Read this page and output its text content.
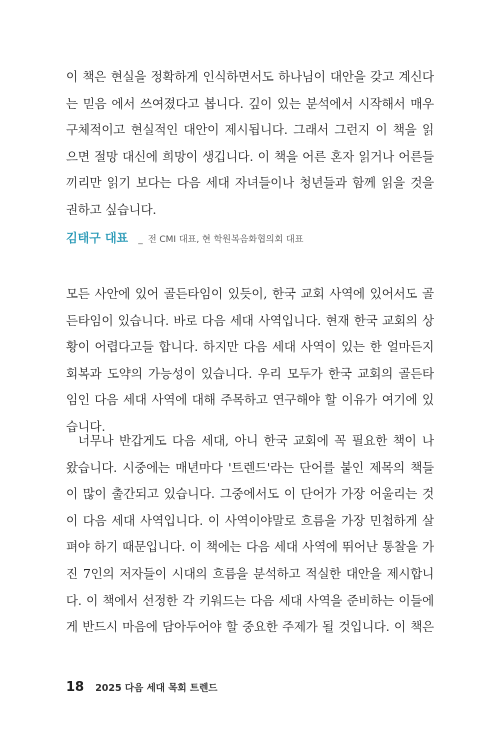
이 책은 현실을 정확하게 인식하면서도 하나님이 대안을 갖고 계신다
는 믿음 에서 쓰여졌다고 봅니다. 깊이 있는 분석에서 시작해서 매우
구체적이고 현실적인 대안이 제시됩니다. 그래서 그런지 이 책을 읽
으면 절망 대신에 희망이 생깁니다. 이 책을 어른 혼자 읽거나 어른들
끼리만 읽기 보다는 다음 세대 자녀들이나 청년들과 함께 읽을 것을
권하고 싶습니다.
김태구 대표 _ 전 CMI 대표, 현 학원복음화협의회 대표
모든 사안에 있어 골든타임이 있듯이, 한국 교회 사역에 있어서도 골
든타임이 있습니다. 바로 다음 세대 사역입니다. 현재 한국 교회의 상
황이 어렵다고들 합니다. 하지만 다음 세대 사역이 있는 한 얼마든지
회복과 도약의 가능성이 있습니다. 우리 모두가 한국 교회의 골든타
임인 다음 세대 사역에 대해 주목하고 연구해야 할 이유가 여기에 있
습니다.
너무나 반갑게도 다음 세대, 아니 한국 교회에 꼭 필요한 책이 나
왔습니다. 시중에는 매년마다 '트렌드'라는 단어를 붙인 제목의 책들
이 많이 출간되고 있습니다. 그중에서도 이 단어가 가장 어울리는 것
이 다음 세대 사역입니다. 이 사역이야말로 흐름을 가장 민첩하게 살
펴야 하기 때문입니다. 이 책에는 다음 세대 사역에 뛰어난 통찰을 가
진 7인의 저자들이 시대의 흐름을 분석하고 적실한 대안을 제시합니
다. 이 책에서 선정한 각 키워드는 다음 세대 사역을 준비하는 이들에
게 반드시 마음에 담아두어야 할 중요한 주제가 될 것입니다. 이 책은
18 2025 다음 세대 목회 트렌드
